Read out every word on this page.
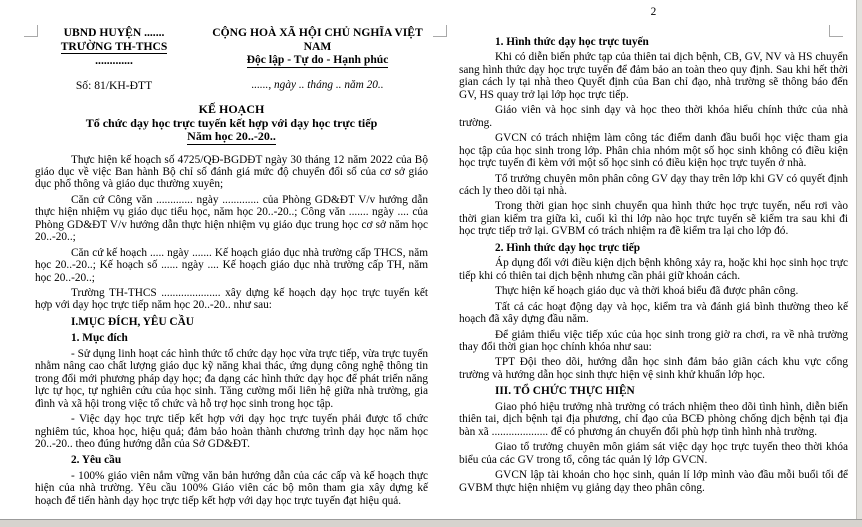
UBND HUYỆN .......
TRƯỜNG TH-THCS
.............
Số: 81/KH-ĐTT
CỘNG HOÀ XÃ HỘI CHỦ NGHĨA VIỆT NAM
Độc lập - Tự do - Hạnh phúc
......, ngày .. tháng .. năm 20..
KẾ HOẠCH
Tổ chức dạy học trực tuyến kết hợp với dạy học trực tiếp
Năm học 20..-20..

Thực hiện kế hoạch số 4725/QĐ-BGDĐT ngày 30 tháng 12 năm 2022 của Bộ giáo dục về việc Ban hành Bộ chỉ số đánh giá mức độ chuyển đổi số của cơ sở giáo dục phổ thông và giáo dục thường xuyên;

Căn cứ Công văn ............. ngày ............. của Phòng GD&ĐT V/v hướng dẫn thực hiện nhiệm vụ giáo dục tiểu học, năm học 20..-20..; Công văn ....... ngày .... của Phòng GD&ĐT V/v hướng dẫn thực hiện nhiệm vụ giáo dục trung học cơ sở năm học 20..-20..;

Căn cứ kế hoạch ..... ngày ....... Kế hoạch giáo dục nhà trường cấp THCS, năm học 20..-20..; Kế hoạch số ...... ngày .... Kế hoạch giáo dục nhà trường cấp TH, năm học 20..-20..;

Trường TH-THCS ..................... xây dựng kế hoạch dạy học trực tuyến kết hợp với dạy học trực tiếp năm học 20..-20.. như sau:

I.MỤC ĐÍCH, YÊU CẦU

1. Mục đích

- Sử dụng linh hoạt các hình thức tổ chức dạy học vừa trực tiếp, vừa trực tuyến nhằm nâng cao chất lượng giáo dục kỹ năng khai thác, ứng dụng công nghệ thông tin trong đổi mới phương pháp dạy học; đa dạng các hình thức dạy học để phát triển năng lực tự học, tự nghiên cứu của học sinh. Tăng cường mối liên hệ giữa nhà trường, gia đình và xã hội trong việc tổ chức và hỗ trợ học sinh trong học tập.

- Việc dạy học trực tiếp kết hợp với dạy học trực tuyến phải được tổ chức nghiêm túc, khoa học, hiệu quả; đảm bảo hoàn thành chương trình dạy học năm học 20..-20.. theo đúng hướng dẫn của Sở GD&ĐT.

2. Yêu cầu

- 100% giáo viên nắm vững văn bản hướng dẫn của các cấp và kế hoạch thực hiện của nhà trường. Yêu cầu 100% Giáo viên các bộ môn tham gia xây dựng kế hoạch để tiến hành dạy học trực tiếp kết hợp với dạy học trực tuyến đạt hiệu quả.

2

1. Hình thức dạy học trực tuyến

Khi có diễn biến phức tạp của thiên tai dịch bệnh, CB, GV, NV và HS chuyển sang hình thức dạy học trực tuyến để đảm bảo an toàn theo quy định. Sau khi hết thời gian cách ly tại nhà theo Quyết định của Ban chỉ đạo, nhà trường sẽ thông báo đến GV, HS quay trở lại lớp học trực tiếp.

Giáo viên và học sinh dạy và học theo thời khóa hiểu chính thức của nhà trường.

GVCN có trách nhiệm làm công tác điểm danh đầu buổi học việc tham gia học tập của học sinh trong lớp. Phân chia nhóm một số học sinh không có điều kiện học trực tuyến đi kèm với một số học sinh có điều kiện học trực tuyến ở nhà.

Tổ trưởng chuyên môn phân công GV dạy thay trên lớp khi GV có quyết định cách ly theo dõi tại nhà.

Trong thời gian học sinh chuyển qua hình thức học trực tuyến, nếu rơi vào thời gian kiểm tra giữa kì, cuối kì thi lớp nào học trực tuyến sẽ kiểm tra sau khi đi học trực tiếp trở lại. GVBM có trách nhiệm ra đề kiểm tra lại cho lớp đó.

2. Hình thức dạy học trực tiếp

Áp dụng đối với điều kiện dịch bệnh không xảy ra, hoặc khi học sinh học trực tiếp khi có thiên tai dịch bệnh nhưng cần phải giữ khoản cách.

Thực hiện kế hoạch giáo dục và thời khoá biểu đã được phân công.

Tất cả các hoạt động dạy và học, kiểm tra và đánh giá bình thường theo kế hoạch đã xây dựng đầu năm.

Để giảm thiểu việc tiếp xúc của học sinh trong giờ ra chơi, ra về nhà trường thay đổi thời gian học chính khóa như sau:

TPT Đội theo dõi, hướng dẫn học sinh đảm bảo giãn cách khu vực cổng trường và hướng dẫn học sinh thực hiện vệ sinh khử khuẩn lớp học.

III. TỔ CHỨC THỰC HIỆN

Giao phó hiệu trưởng nhà trường có trách nhiệm theo dõi tình hình, diễn biến thiên tai, dịch bệnh tại địa phương, chỉ đạo của BCĐ phòng chống dịch bệnh tại địa bàn xã .................... để có phương án chuyển đổi phù hợp tình hình nhà trường.

Giao tổ trưởng chuyên môn giám sát việc dạy học trực tuyến theo thời khóa biểu của các GV trong tổ, công tác quản lý lớp GVCN.

GVCN lập tài khoản cho học sinh, quản lí lớp mình vào đầu mỗi buổi tối để GVBM thực hiện nhiệm vụ giảng dạy theo phân công.
